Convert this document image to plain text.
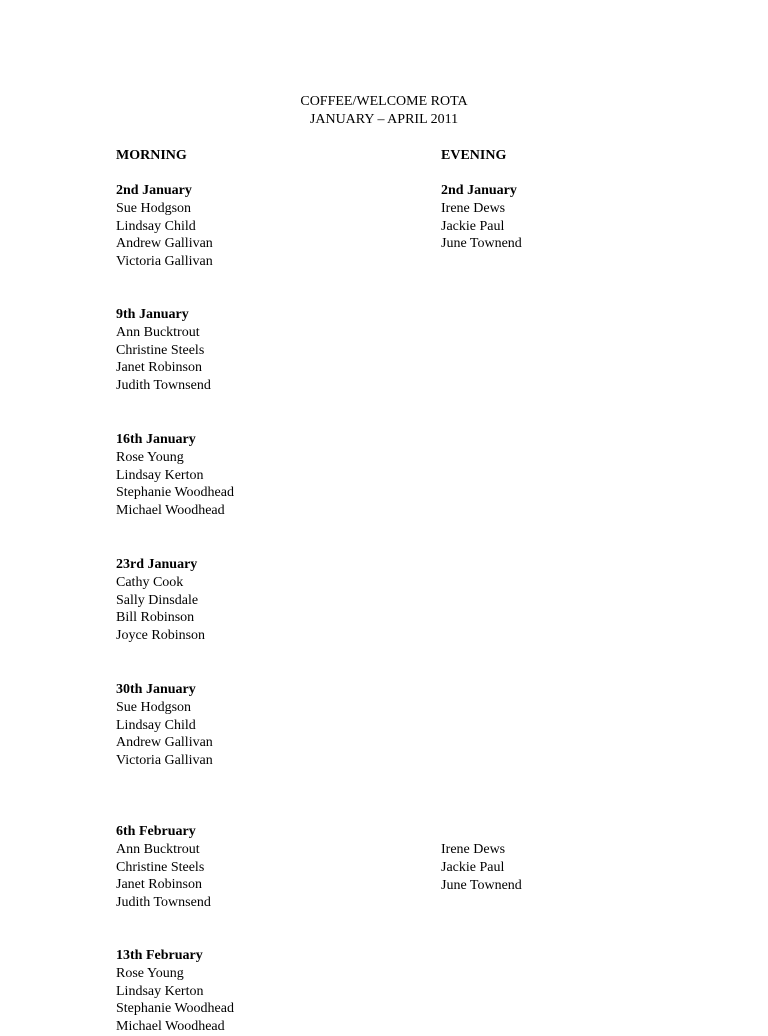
COFFEE/WELCOME ROTA
JANUARY – APRIL 2011
MORNING	EVENING
2nd January
Sue Hodgson
Lindsay Child
Andrew Gallivan
Victoria Gallivan
9th January
Ann Bucktrout
Christine Steels
Janet Robinson
Judith Townsend
16th January
Rose Young
Lindsay Kerton
Stephanie Woodhead
Michael Woodhead
23rd January
Cathy Cook
Sally Dinsdale
Bill Robinson
Joyce Robinson
30th January
Sue Hodgson
Lindsay Child
Andrew Gallivan
Victoria Gallivan
6th February
Ann Bucktrout
Christine Steels
Janet Robinson
Judith Townsend
13th February
Rose Young
Lindsay Kerton
Stephanie Woodhead
Michael Woodhead
2nd January
Irene Dews
Jackie Paul
June Townend
Irene Dews
Jackie Paul
June Townend
